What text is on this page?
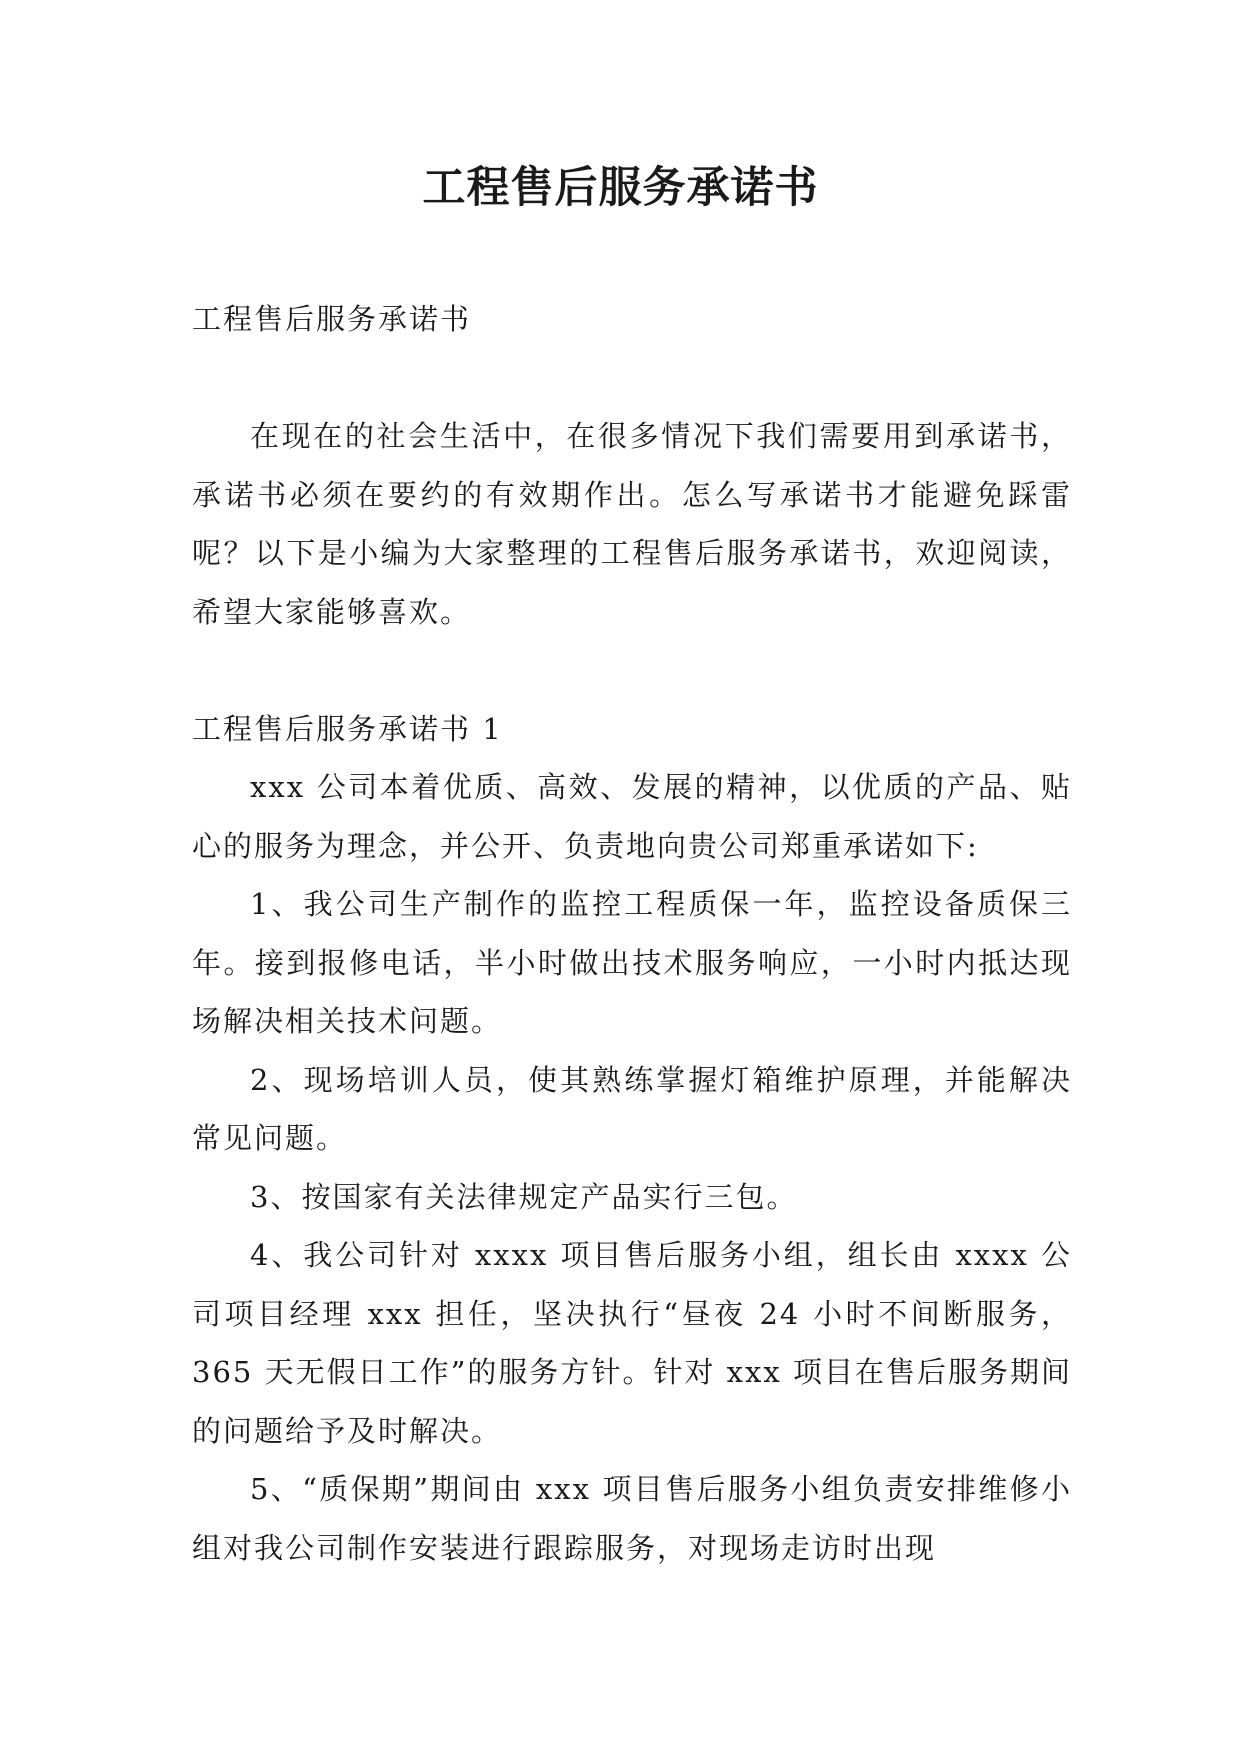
工程售后服务承诺书

工程售后服务承诺书

在现在的社会生活中，在很多情况下我们需要用到承诺书，承诺书必须在要约的有效期作出。怎么写承诺书才能避免踩雷呢？以下是小编为大家整理的工程售后服务承诺书，欢迎阅读，希望大家能够喜欢。

工程售后服务承诺书 1

xxx 公司本着优质、高效、发展的精神，以优质的产品、贴心的服务为理念，并公开、负责地向贵公司郑重承诺如下:

1、我公司生产制作的监控工程质保一年，监控设备质保三年。接到报修电话，半小时做出技术服务响应，一小时内抵达现场解决相关技术问题。

2、现场培训人员，使其熟练掌握灯箱维护原理，并能解决常见问题。

3、按国家有关法律规定产品实行三包。

4、我公司针对 xxxx 项目售后服务小组，组长由 xxxx 公司项目经理 xxx 担任，坚决执行“昼夜 24 小时不间断服务，365 天无假日工作”的服务方针。针对 xxx 项目在售后服务期间的问题给予及时解决。

5、“质保期”期间由 xxx 项目售后服务小组负责安排维修小组对我公司制作安装进行跟踪服务，对现场走访时出现
